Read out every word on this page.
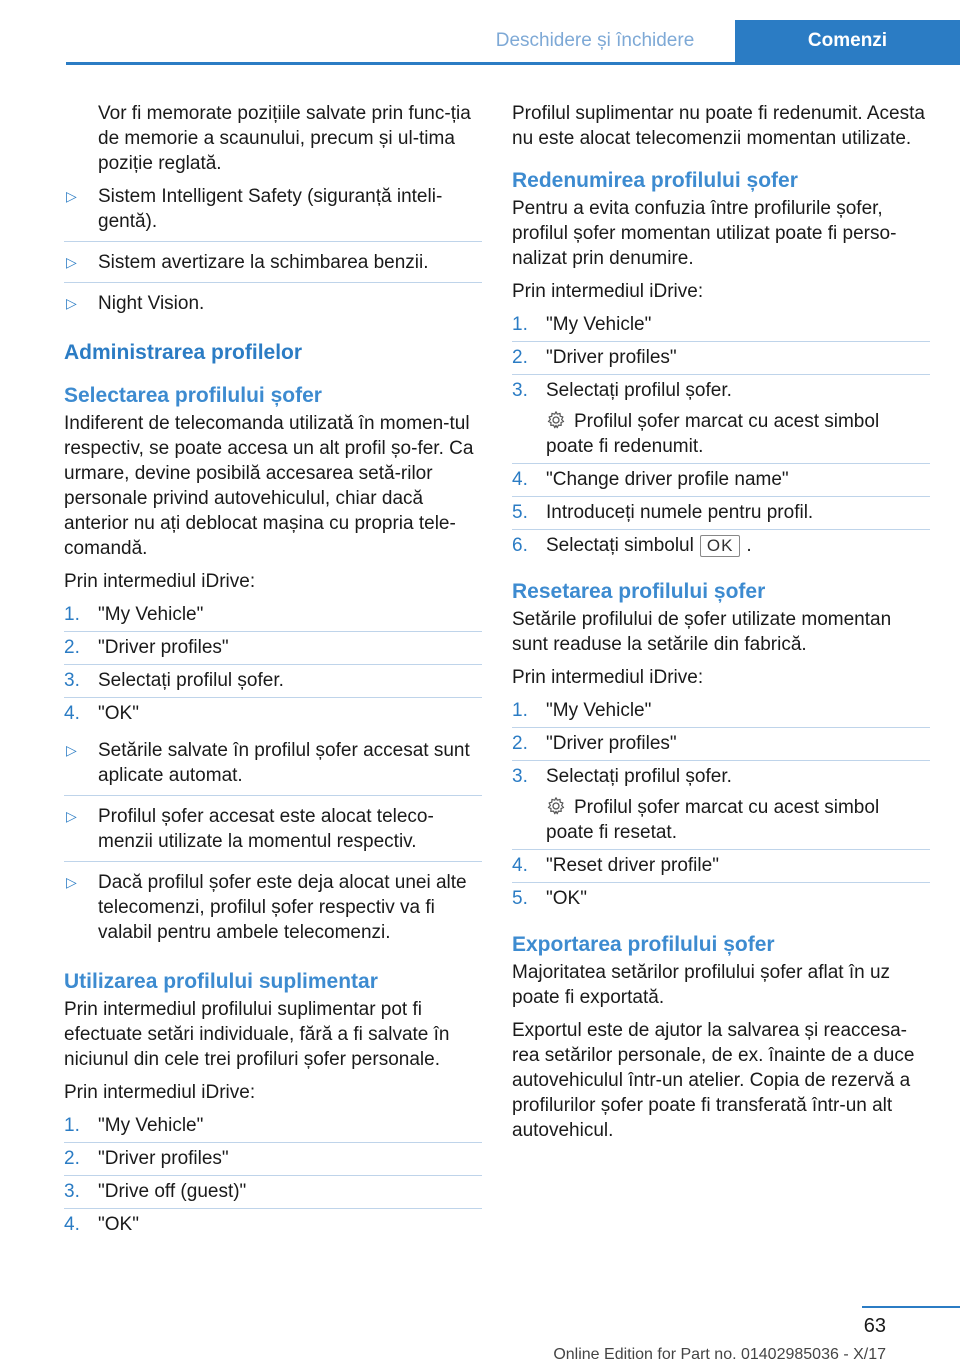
Deschidere și închidere	Comenzi

Vor fi memorate pozițiile salvate prin func-ția de memorie a scaunului, precum și ul-tima poziție reglată.

▷ Sistem Intelligent Safety (siguranță inteli-gentă).
▷ Sistem avertizare la schimbarea benzii.
▷ Night Vision.
Administrarea profilelor
Selectarea profilului șofer

Indiferent de telecomanda utilizată în momen-tul respectiv, se poate accesa un alt profil șo-fer. Ca urmare, devine posibilă accesarea setă-rilor personale privind autovehiculul, chiar dacă anterior nu ați deblocat mașina cu propria tele-comandă.

Prin intermediul iDrive:

1. "My Vehicle"
2. "Driver profiles"
3. Selectați profilul șofer.
4. "OK"
▷ Setările salvate în profilul șofer accesat sunt aplicate automat.
▷ Profilul șofer accesat este alocat teleco-menzii utilizate la momentul respectiv.
▷ Dacă profilul șofer este deja alocat unei alte telecomenzi, profilul șofer respectiv va fi valabil pentru ambele telecomenzi.
Utilizarea profilului suplimentar

Prin intermediul profilului suplimentar pot fi efectuate setări individuale, fără a fi salvate în niciunul din cele trei profiluri șofer personale.

Prin intermediul iDrive:

1. "My Vehicle"
2. "Driver profiles"
3. "Drive off (guest)"
4. "OK"

Profilul suplimentar nu poate fi redenumit. Acesta nu este alocat telecomenzii momentan utilizate.

Redenumirea profilului șofer

Pentru a evita confuzia între profilurile șofer, profilul șofer momentan utilizat poate fi perso-nalizat prin denumire.

Prin intermediul iDrive:

1. "My Vehicle"
2. "Driver profiles"
3. Selectați profilul șofer.
Profilul șofer marcat cu acest simbol poate fi redenumit.
4. "Change driver profile name"
5. Introduceți numele pentru profil.
6. Selectați simbolul OK .
Resetarea profilului șofer

Setările profilului de șofer utilizate momentan sunt readuse la setările din fabrică.

Prin intermediul iDrive:

1. "My Vehicle"
2. "Driver profiles"
3. Selectați profilul șofer.
Profilul șofer marcat cu acest simbol poate fi resetat.
4. "Reset driver profile"
5. "OK"
Exportarea profilului șofer

Majoritatea setărilor profilului șofer aflat în uz poate fi exportată.

Exportul este de ajutor la salvarea și reaccesa-rea setărilor personale, de ex. înainte de a duce autovehiculul într-un atelier. Copia de rezervă a profilurilor șofer poate fi transferată într-un alt autovehicul.

63
Online Edition for Part no. 01402985036 - X/17
